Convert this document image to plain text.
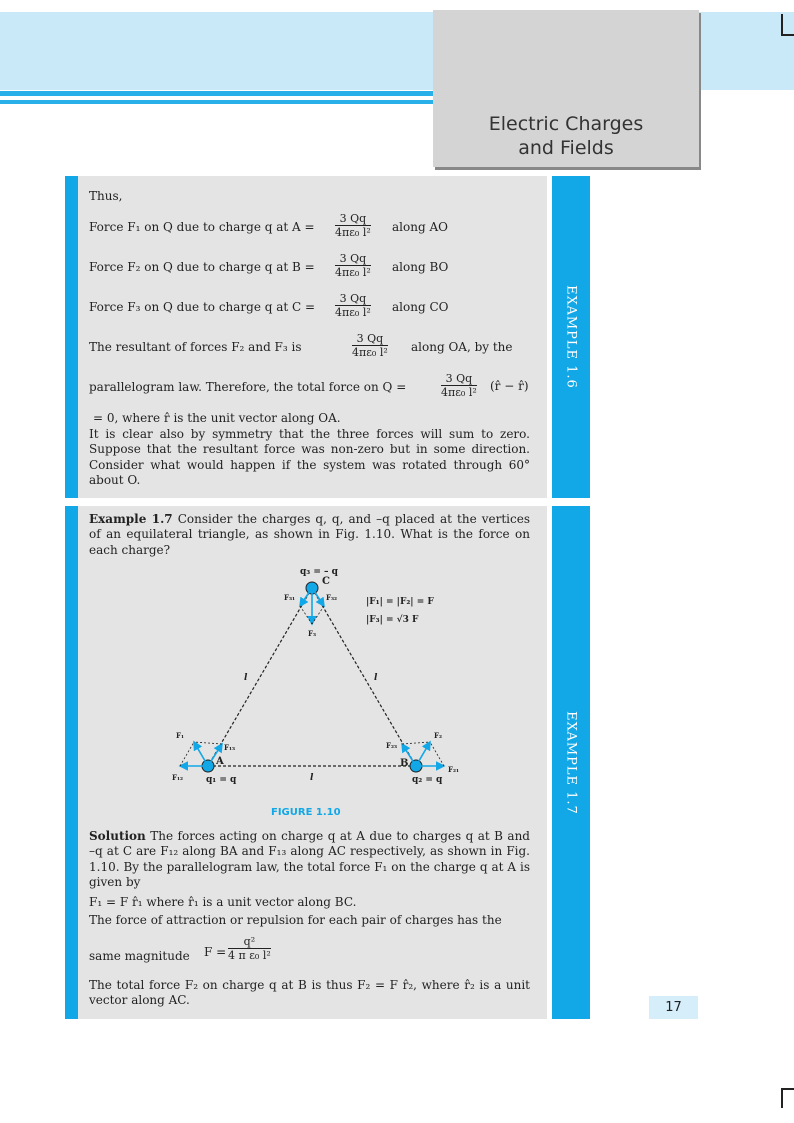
Electric Charges
and Fields
EXAMPLE 1.6
Thus,
Force F₁ on Q due to charge q at $A = \frac{3 Qq}{\text{4πε₀ l²}}$ along AO
Force F₂ on Q due to charge q at $B = \frac{3 Qq}{\text{4πε₀ l²}}$ along BO
Force F₃ on Q due to charge q at $C = \frac{3 Qq}{\text{4πε₀ l²}}$ along CO
The resultant of forces F₂ and F₃ is	$\frac{3 Qq}{\text{4πε₀ l²}}$ along OA, by the
parallelogram law. Therefore, the total force on Q =	$\frac{3 Qq}{\text{4πε₀ l²}}$ (r̂ − r̂)
= 0, where r̂ is the unit vector along OA.
It is clear also by symmetry that the three forces will sum to zero. Suppose that the resultant force was non-zero but in some direction. Consider what would happen if the system was rotated through 60° about O.
EXAMPLE 1.7
Example 1.7 Consider the charges q, q, and –q placed at the vertices of an equilateral triangle, as shown in Fig. 1.10. What is the force on each charge?
q₃ = – q
C
F₃₁	F₃₂
F₃
|F₁| = |F₂| = F
|F₃| = √3 F
l	l
l
A	B
q₁ = q	q₂ = q
F₁
F₁₃
F₁₂
F₂
F₂₃
F₂₁
FIGURE 1.10
Solution The forces acting on charge q at A due to charges q at B and –q at C are F₁₂ along BA and F₁₃ along AC respectively, as shown in Fig. 1.10. By the parallelogram law, the total force F₁ on the charge q at A is given by
F₁ = F r̂₁ where r̂₁ is a unit vector along BC.
The force of attraction or repulsion for each pair of charges has the
same magnitude $F = \frac{\text{q²}}{\text{4 π ε₀ l²}}$
The total force F₂ on charge q at B is thus F₂ = F r̂₂, where r̂₂ is a unit vector along AC.	17
